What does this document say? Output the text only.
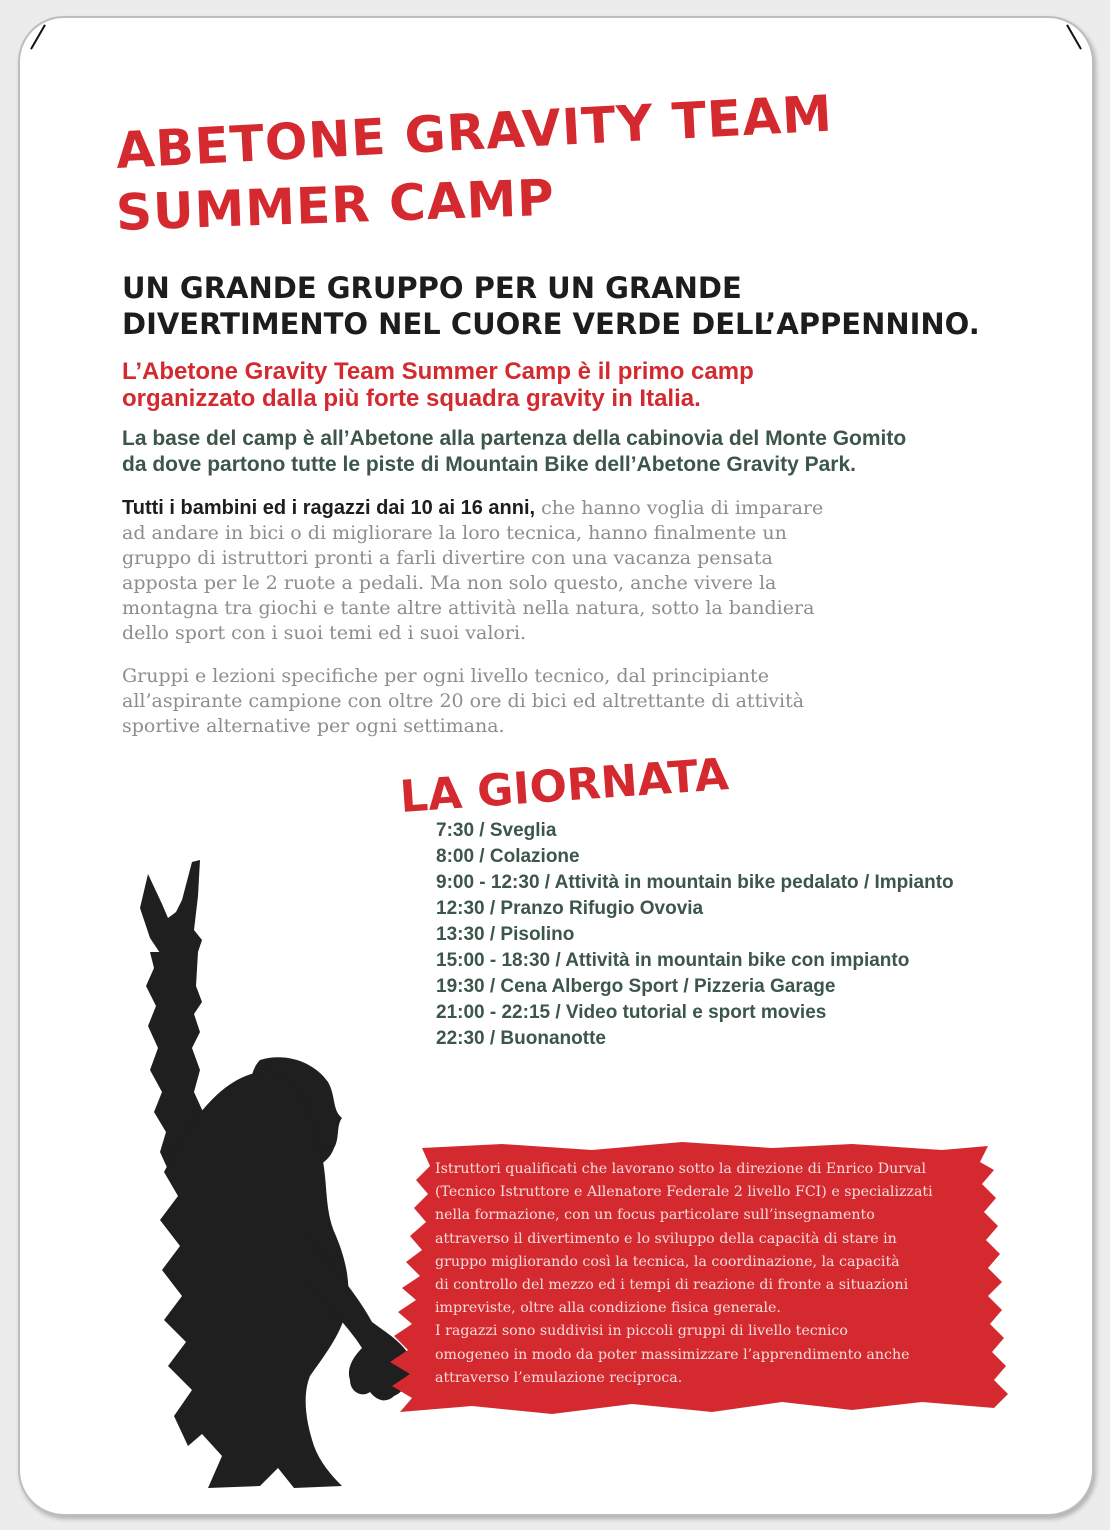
ABETONE GRAVITY TEAM
SUMMER CAMP
UN GRANDE GRUPPO PER UN GRANDE
DIVERTIMENTO NEL CUORE VERDE DELL’APPENNINO.

L’Abetone Gravity Team Summer Camp è il primo camp
organizzato dalla più forte squadra gravity in Italia.

La base del camp è all’Abetone alla partenza della cabinovia del Monte Gomito
da dove partono tutte le piste di Mountain Bike dell’Abetone Gravity Park.

Tutti i bambini ed i ragazzi dai 10 ai 16 anni, che hanno voglia di imparare
ad andare in bici o di migliorare la loro tecnica, hanno finalmente un
gruppo di istruttori pronti a farli divertire con una vacanza pensata
apposta per le 2 ruote a pedali. Ma non solo questo, anche vivere la
montagna tra giochi e tante altre attività nella natura, sotto la bandiera
dello sport con i suoi temi ed i suoi valori.

Gruppi e lezioni specifiche per ogni livello tecnico, dal principiante
all’aspirante campione con oltre 20 ore di bici ed altrettante di attività
sportive alternative per ogni settimana.

LA GIORNATA
7:30 / Sveglia
8:00 / Colazione
9:00 - 12:30 / Attività in mountain bike pedalato / Impianto
12:30 / Pranzo Rifugio Ovovia
13:30 / Pisolino
15:00 - 18:30 / Attività in mountain bike con impianto
19:30 / Cena Albergo Sport / Pizzeria Garage
21:00 - 22:15 / Video tutorial e sport movies
22:30 / Buonanotte

Istruttori qualificati che lavorano sotto la direzione di Enrico Durval
(Tecnico Istruttore e Allenatore Federale 2 livello FCI) e specializzati
nella formazione, con un focus particolare sull’insegnamento
attraverso il divertimento e lo sviluppo della capacità di stare in
gruppo migliorando così la tecnica, la coordinazione, la capacità
di controllo del mezzo ed i tempi di reazione di fronte a situazioni
impreviste, oltre alla condizione fisica generale.
I ragazzi sono suddivisi in piccoli gruppi di livello tecnico
omogeneo in modo da poter massimizzare l’apprendimento anche
attraverso l’emulazione reciproca.
